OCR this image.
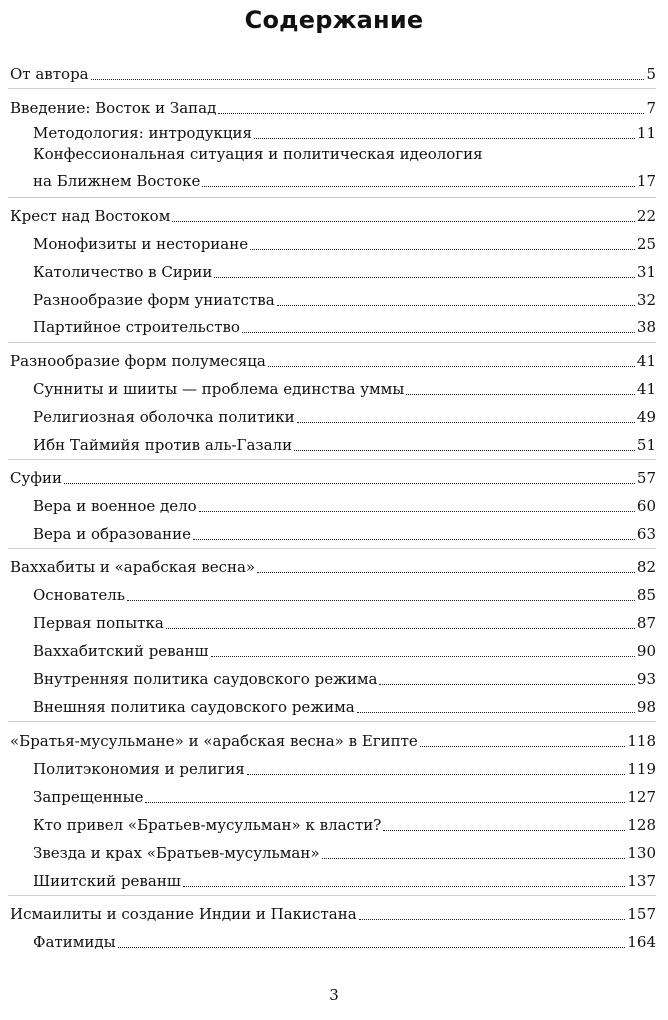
Содержание
От автора	5
Введение: Восток и Запад	7
Методология: интродукция	11
Конфессиональная ситуация и политическая идеология
на Ближнем Востоке	17
Крест над Востоком	22
Монофизиты и несториане	25
Католичество в Сирии	31
Разнообразие форм униатства	32
Партийное строительство	38
Разнообразие форм полумесяца	41
Сунниты и шииты — проблема единства уммы	41
Религиозная оболочка политики	49
Ибн Таймийя против аль-Газали	51
Суфии	57
Вера и военное дело	60
Вера и образование	63
Ваххабиты и «арабская весна»	82
Основатель	85
Первая попытка	87
Ваххабитский реванш	90
Внутренняя политика саудовского режима	93
Внешняя политика саудовского режима	98
«Братья-мусульмане» и «арабская весна» в Египте	118
Политэкономия и религия	119
Запрещенные	127
Кто привел «Братьев-мусульман» к власти?	128
Звезда и крах «Братьев-мусульман»	130
Шиитский реванш	137
Исмаилиты и создание Индии и Пакистана	157
Фатимиды	164
3
